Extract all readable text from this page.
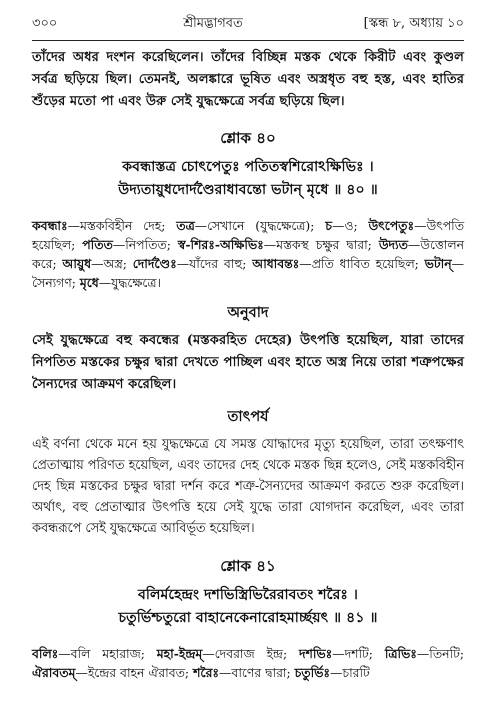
৩০০	শ্রীমদ্ভাগবত	[স্কন্ধ ৮, অধ্যায় ১০

তাঁদের অধর দংশন করেছিলেন। তাঁদের বিচ্ছিন্ন মস্তক থেকে কিরীট এবং কুণ্ডল সর্বত্র ছড়িয়ে ছিল। তেমনই, অলঙ্কারে ভূষিত এবং অস্ত্রধৃত বহু হস্ত, এবং হাতির শুঁড়ের মতো পা এবং উরু সেই যুদ্ধক্ষেত্রে সর্বত্র ছড়িয়ে ছিল।

শ্লোক ৪০

কবন্ধাস্তত্র চোৎপেতুঃ পতিতস্বশিরোঽক্ষিভিঃ ।

উদ্যতায়ুধদোর্দণ্ডৈরাধাবন্তো ভটান্ মৃধে ॥ ৪০ ॥

কবন্ধাঃ—মস্তকবিহীন দেহ; তত্র—সেখানে (যুদ্ধক্ষেত্রে); চ—ও; উৎপেতুঃ—উৎপতি হয়েছিল; পতিত—নিপতিত; স্ব-শিরঃ-অক্ষিভিঃ—মস্তকস্থ চক্ষুর দ্বারা; উদ্যত—উত্তোলন করে; আয়ুধ—অস্ত্র; দোর্দণ্ডৈঃ—যাঁদের বাহু; আধাবন্তঃ—প্রতি ধাবিত হয়েছিল; ভটান্—সৈন্যগণ; মৃধে—যুদ্ধক্ষেত্রে।

অনুবাদ

সেই যুদ্ধক্ষেত্রে বহু কবন্ধের (মস্তকরহিত দেহের) উৎপত্তি হয়েছিল, যারা তাদের নিপতিত মস্তকের চক্ষুর দ্বারা দেখতে পাচ্ছিল এবং হাতে অস্ত্র নিয়ে তারা শত্রুপক্ষের সৈন্যদের আক্রমণ করেছিল।

তাৎপর্য

এই বর্ণনা থেকে মনে হয় যুদ্ধক্ষেত্রে যে সমস্ত যোদ্ধাদের মৃত্যু হয়েছিল, তারা তৎক্ষণাৎ প্রেতাত্মায় পরিণত হয়েছিল, এবং তাদের দেহ থেকে মস্তক ছিন্ন হলেও, সেই মস্তকবিহীন দেহ ছিন্ন মস্তকের চক্ষুর দ্বারা দর্শন করে শত্রু-সৈন্যদের আক্রমণ করতে শুরু করেছিল। অর্থাৎ, বহু প্রেতাত্মার উৎপত্তি হয়ে সেই যুদ্ধে তারা যোগদান করেছিল, এবং তারা কবন্ধরূপে সেই যুদ্ধক্ষেত্রে আবির্ভূত হয়েছিল।

শ্লোক ৪১

বলির্মহেন্দ্রং দশভিস্ত্রিভিরৈরাবতং শরৈঃ ।

চতুর্ভিশ্চতুরো বাহানেকেনারোহমার্চ্ছয়ৎ ॥ ৪১ ॥

বলিঃ—বলি মহারাজ; মহা-ইন্দ্রম্—দেবরাজ ইন্দ্র; দশভিঃ—দশটি; ত্রিভিঃ—তিনটি; ঐরাবতম্—ইন্দ্রের বাহন ঐরাবত; শরৈঃ—বাণের দ্বারা; চতুর্ভিঃ—চারটি
